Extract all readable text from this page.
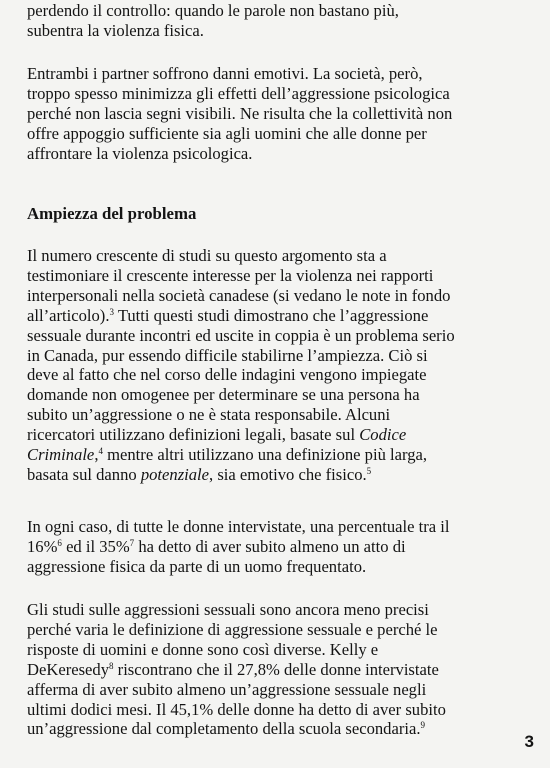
perdendo il controllo: quando le parole non bastano più,
subentra la violenza fisica.

Entrambi i partner soffrono danni emotivi. La società, però,
troppo spesso minimizza gli effetti dell’aggressione psicologica
perché non lascia segni visibili. Ne risulta che la collettività non
offre appoggio sufficiente sia agli uomini che alle donne per
affrontare la violenza psicologica.

Ampiezza del problema

Il numero crescente di studi su questo argomento sta a
testimoniare il crescente interesse per la violenza nei rapporti
interpersonali nella società canadese (si vedano le note in fondo
all’articolo).$^3$ Tutti questi studi dimostrano che l’aggressione
sessuale durante incontri ed uscite in coppia è un problema serio
in Canada, pur essendo difficile stabilirne l’ampiezza. Ciò si
deve al fatto che nel corso delle indagini vengono impiegate
domande non omogenee per determinare se una persona ha
subito un’aggressione o ne è stata responsabile. Alcuni
ricercatori utilizzano definizioni legali, basate sul Codice
Criminale,$^4$ mentre altri utilizzano una definizione più larga,
basata sul danno potenziale, sia emotivo che fisico.$^5$

In ogni caso, di tutte le donne intervistate, una percentuale tra il
16%$^6$ ed il 35%$^7$ ha detto di aver subito almeno un atto di
aggressione fisica da parte di un uomo frequentato.

Gli studi sulle aggressioni sessuali sono ancora meno precisi
perché varia le definizione di aggressione sessuale e perché le
risposte di uomini e donne sono così diverse. Kelly e
DeKeresedy$^8$ riscontrano che il 27,8% delle donne intervistate
afferma di aver subito almeno un’aggressione sessuale negli
ultimi dodici mesi. Il 45,1% delle donne ha detto di aver subito
un’aggressione dal completamento della scuola secondaria.$^9$

3
